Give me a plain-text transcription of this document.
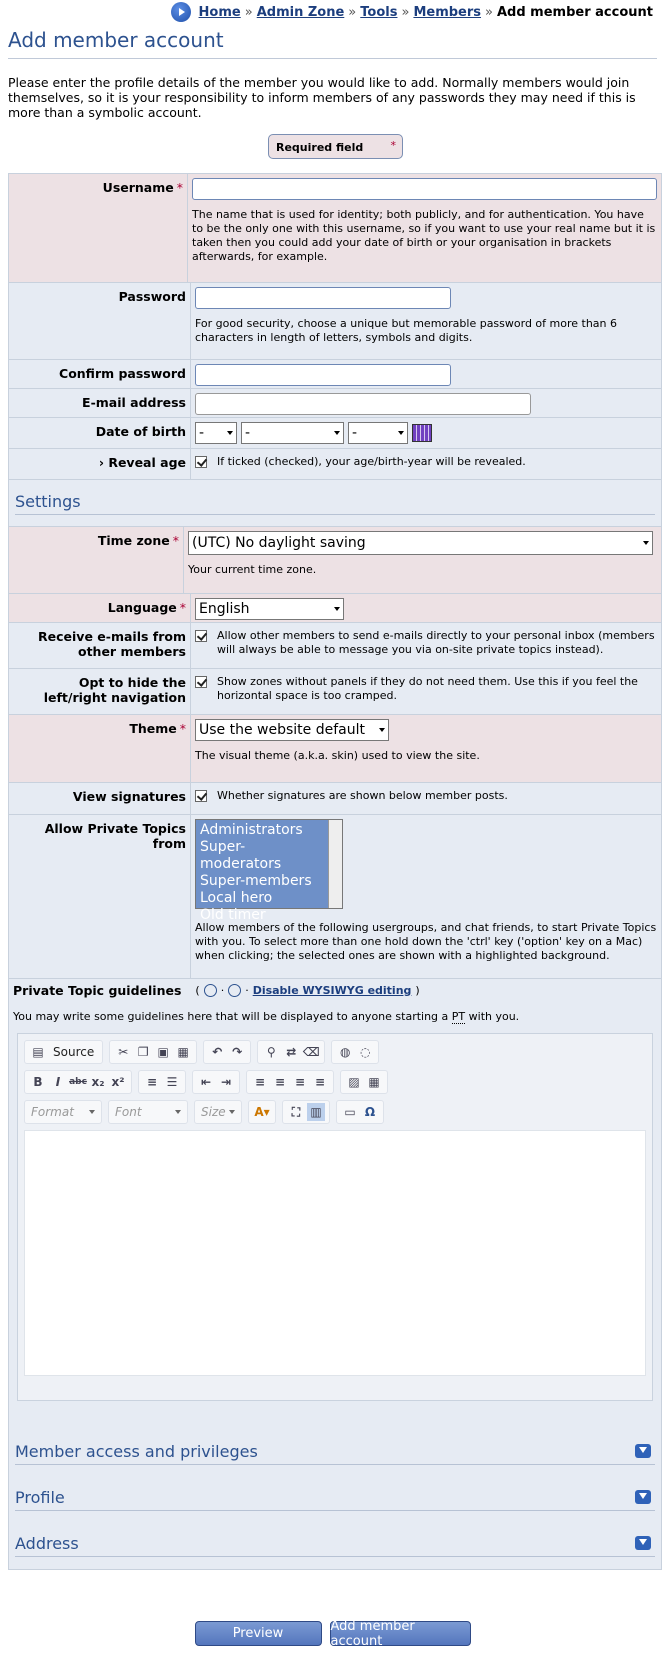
Home » Admin Zone » Tools » Members » Add member account
Add member account

Please enter the profile details of the member you would like to add. Normally members would join themselves, so it is your responsibility to inform members of any passwords they may need if this is more than a symbolic account.

Required field *
Username *

The name that is used for identity; both publicly, and for authentication. You have to be the only one with this username, so if you want to use your real name but it is taken then you could add your date of birth or your organisation in brackets afterwards, for example.

Password

For good security, choose a unique but memorable password of more than 6 characters in length of letters, symbols and digits.

Confirm password
E-mail address
Date of birth -	-	-
› Reveal age	If ticked (checked), your age/birth-year will be revealed.
Settings
Time zone * (UTC) No daylight saving

Your current time zone.

Language * English
Receive e-mails from other members
Allow other members to send e-mails directly to your personal inbox (members will always be able to message you via on-site private topics instead).
Opt to hide the left/right navigation
Show zones without panels if they do not need them. Use this if you feel the horizontal space is too cramped.
Theme * Use the website default

The visual theme (a.k.a. skin) used to view the site.

View signatures	Whether signatures are shown below member posts.
Allow Private Topics from
Administrators
Super-moderators
Super-members
Local hero
Old timer

Allow members of the following usergroups, and chat friends, to start Private Topics with you. To select more than one hold down the 'ctrl' key ('option' key on a Mac) when clicking; the selected ones are shown with a highlighted background.

Private Topic guidelines ( · · Disable WYSIWYG editing )

You may write some guidelines here that will be displayed to anyone starting a PT with you.

▤ Source	✂ ❐ ▣ ▦	↶ ↷	⚲ ⇄ ⌫	◍ ◌
B	I abc x₂ x²	≡ ☰	⇤ ⇥	≡ ≡ ≡ ≡	▨ ▦
Format	Font	Size A▾	⛶ ▥ ▭ Ω
Member access and privileges
Profile
Address
Preview	Add member account
